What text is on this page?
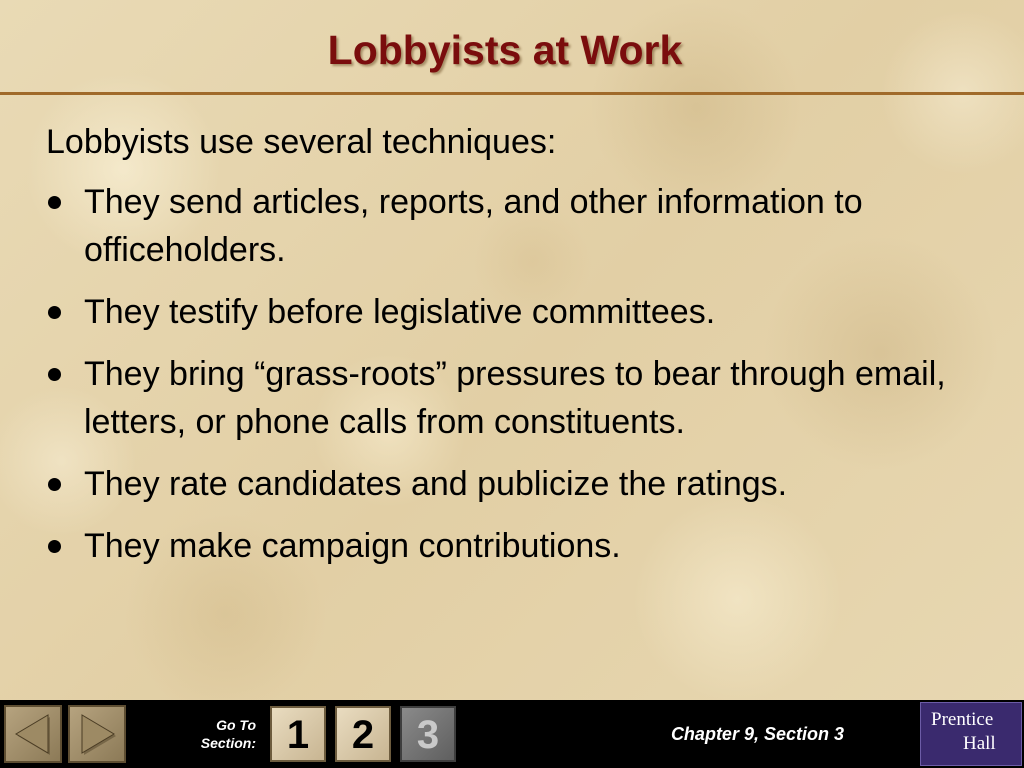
Lobbyists at Work

Lobbyists use several techniques:

They send articles, reports, and other information to officeholders.
They testify before legislative committees.
They bring “grass-roots” pressures to bear through email, letters, or phone calls from constituents.
They rate candidates and publicize the ratings.
They make campaign contributions.
Go To
Section: 1	2	3	Chapter 9, Section 3
Prentice
Hall
